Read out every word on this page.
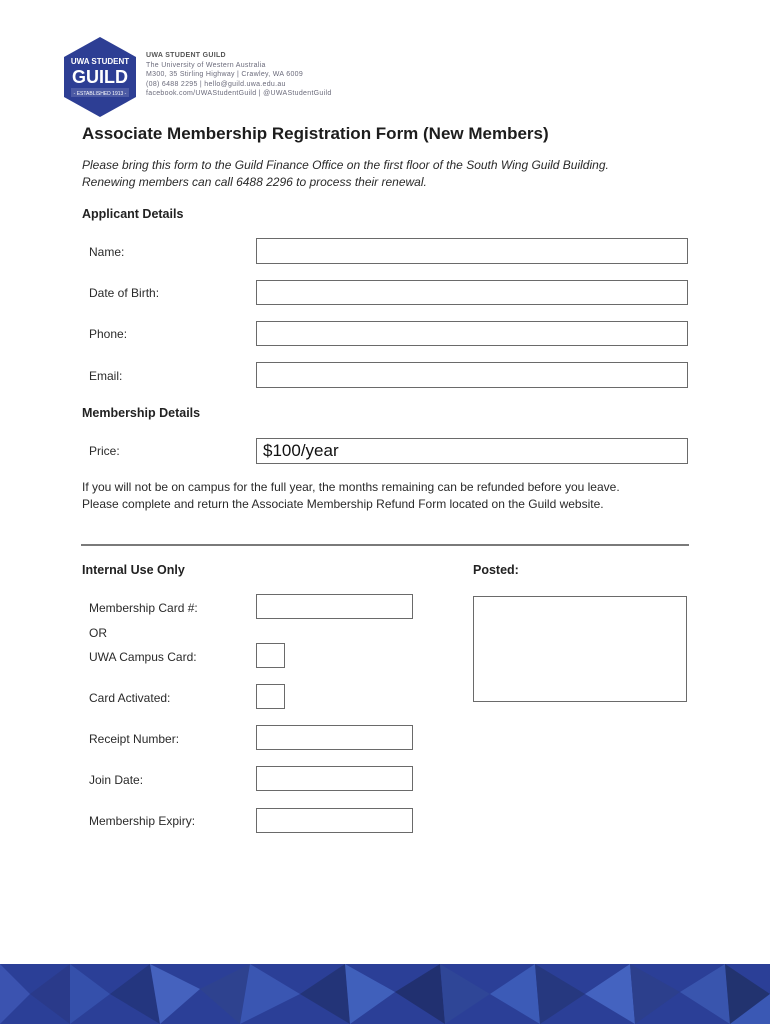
UWA STUDENT
GUILD
- ESTABLISHED 1913 -
UWA STUDENT GUILD
The University of Western Australia
M300, 35 Stirling Highway | Crawley, WA 6009
(08) 6488 2295 | hello@guild.uwa.edu.au
facebook.com/UWAStudentGuild | @UWAStudentGuild
Associate Membership Registration Form (New Members)
Please bring this form to the Guild Finance Office on the first floor of the South Wing Guild Building.
Renewing members can call 6488 2296 to process their renewal.
Applicant Details
Name:
Date of Birth:
Phone:
Email:
Membership Details
Price:	$100/year
If you will not be on campus for the full year, the months remaining can be refunded before you leave.
Please complete and return the Associate Membership Refund Form located on the Guild website.
Internal Use Only	Posted:
Membership Card #:
OR
UWA Campus Card:
Card Activated:
Receipt Number:
Join Date:
Membership Expiry:
